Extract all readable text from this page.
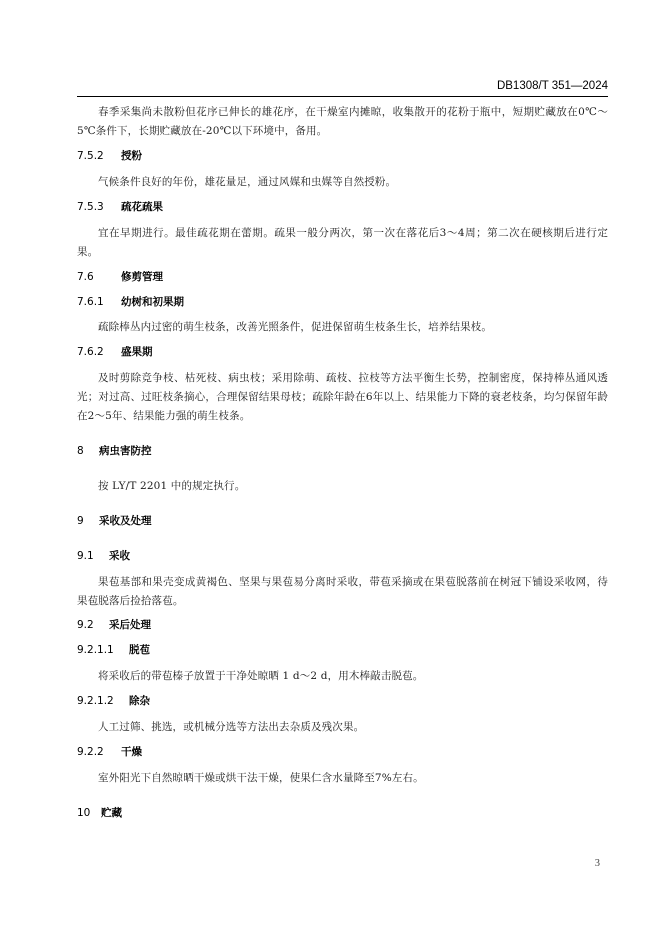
DB1308/T 351—2024

春季采集尚未散粉但花序已伸长的雄花序，在干燥室内摊晾，收集散开的花粉于瓶中，短期贮藏放在0℃～5℃条件下，长期贮藏放在-20℃以下环境中，备用。

7.5.2	授粉

气候条件良好的年份，雄花量足，通过风媒和虫媒等自然授粉。

7.5.3	疏花疏果

宜在早期进行。最佳疏花期在蕾期。疏果一般分两次，第一次在落花后3～4周；第二次在硬核期后进行定果。

7.6	修剪管理
7.6.1	幼树和初果期

疏除棒丛内过密的萌生枝条，改善光照条件，促进保留萌生枝条生长，培养结果枝。

7.6.2	盛果期

及时剪除竞争枝、枯死枝、病虫枝；采用除萌、疏枝、拉枝等方法平衡生长势，控制密度，保持棒丛通风透光；对过高、过旺枝条摘心，合理保留结果母枝；疏除年龄在6年以上、结果能力下降的衰老枝条，均匀保留年龄在2～5年、结果能力强的萌生枝条。

8	病虫害防控

按 LY/T 2201 中的规定执行。

9	采收及处理
9.1	采收

果苞基部和果壳变成黄褐色、坚果与果苞易分离时采收，带苞采摘或在果苞脱落前在树冠下铺设采收网，待果苞脱落后捡拾落苞。

9.2	采后处理
9.2.1.1	脱苞

将采收后的带苞榛子放置于干净处晾晒 1 d～2 d，用木棒敲击脱苞。

9.2.1.2	除杂

人工过筛、挑选，或机械分选等方法出去杂质及残次果。

9.2.2	干燥

室外阳光下自然晾晒干燥或烘干法干燥，使果仁含水量降至7%左右。

10	贮藏
3
